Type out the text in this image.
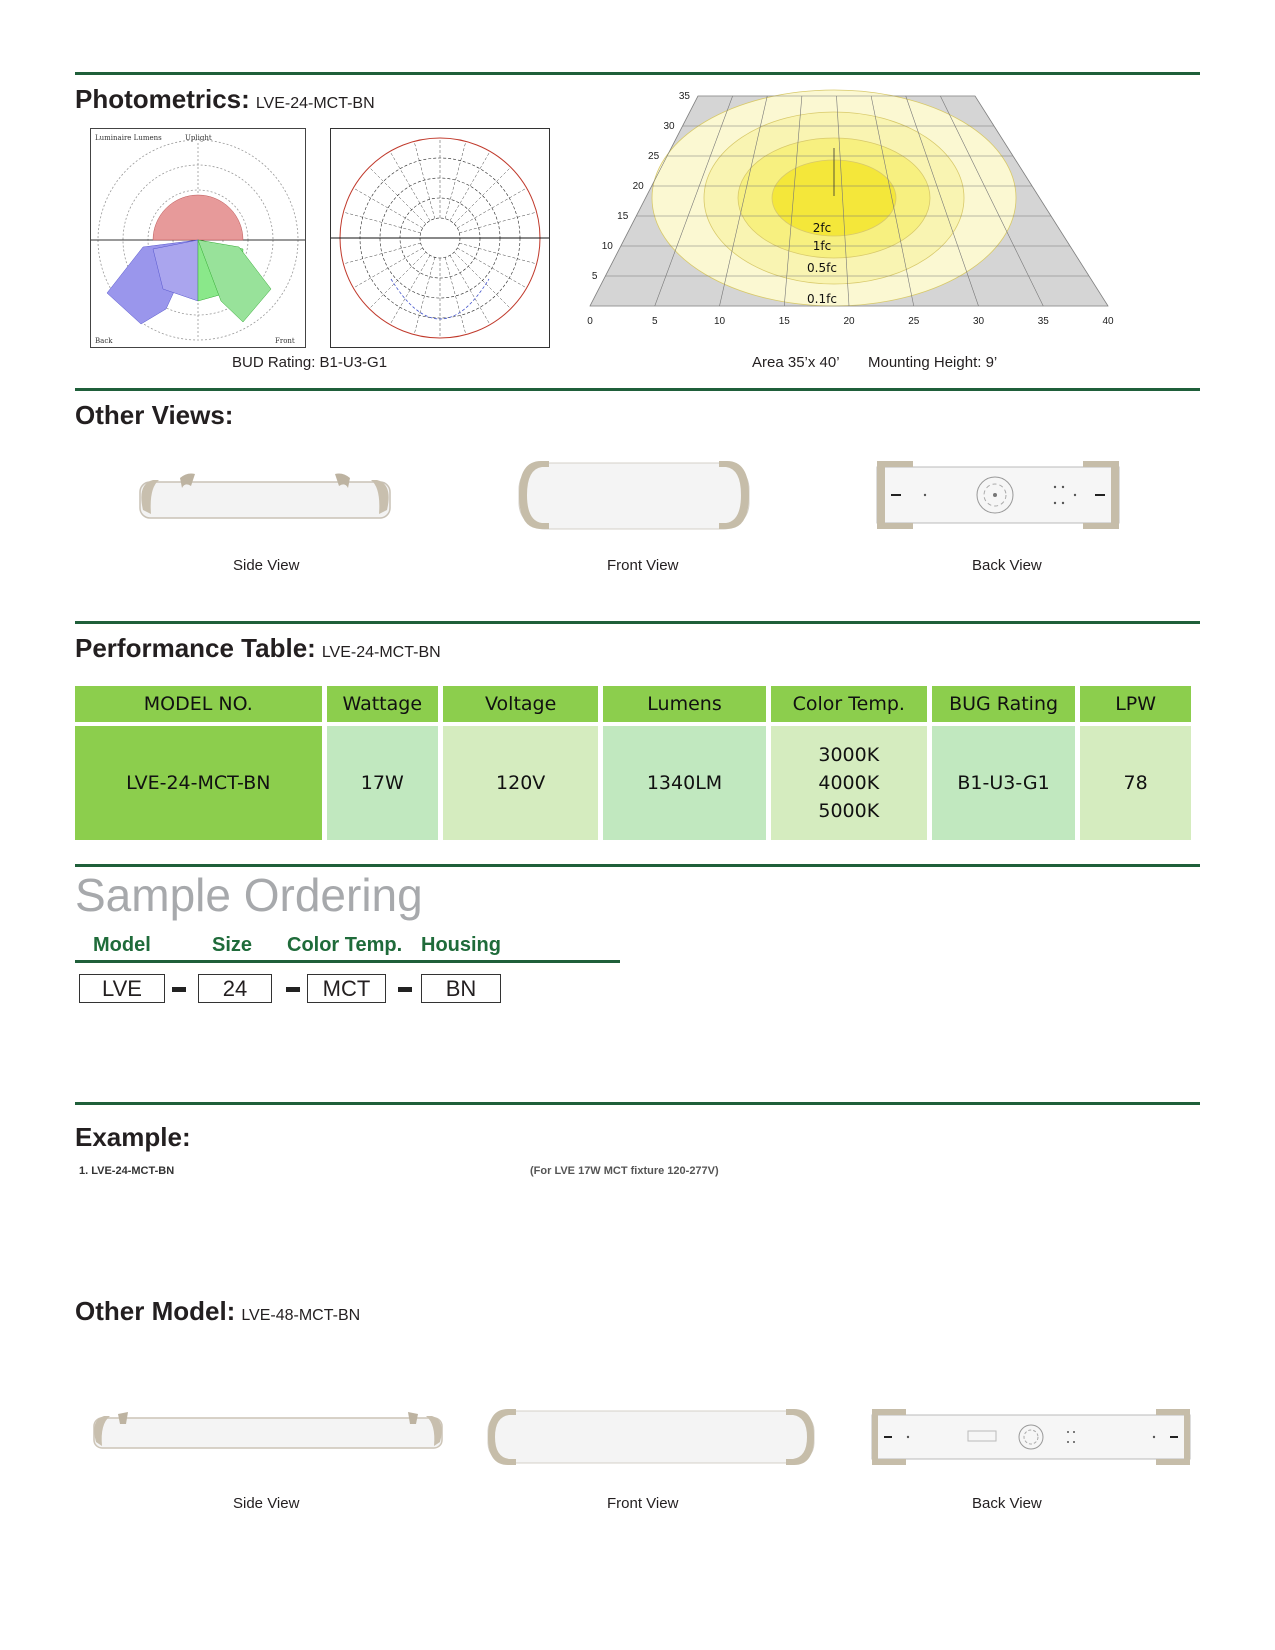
Photometrics: LVE-24-MCT-BN
Luminaire Lumens	Uplight
Back	Front
BUD Rating: B1-U3-G1
0	5	10	15	20	25	30	35	40
5
10
15
20
25
30
35
2fc
1fc
0.5fc
0.1fc
Area 35’x 40’ Mounting Height: 9’
Other Views:
Side View	Front View	Back View
Performance Table: LVE-24-MCT-BN
MODEL NO.	Wattage	Voltage	Lumens	Color Temp.	BUG Rating	LPW
LVE-24-MCT-BN	17W	120V	1340LM	3000K
4000K
5000K	B1-U3-G1	78
Sample Ordering
Model	Size Color Temp. Housing
LVE	24	MCT	BN
Example:
1. LVE-24-MCT-BN	(For LVE 17W MCT fixture 120-277V)
Other Model: LVE-48-MCT-BN
Side View	Front View	Back View
